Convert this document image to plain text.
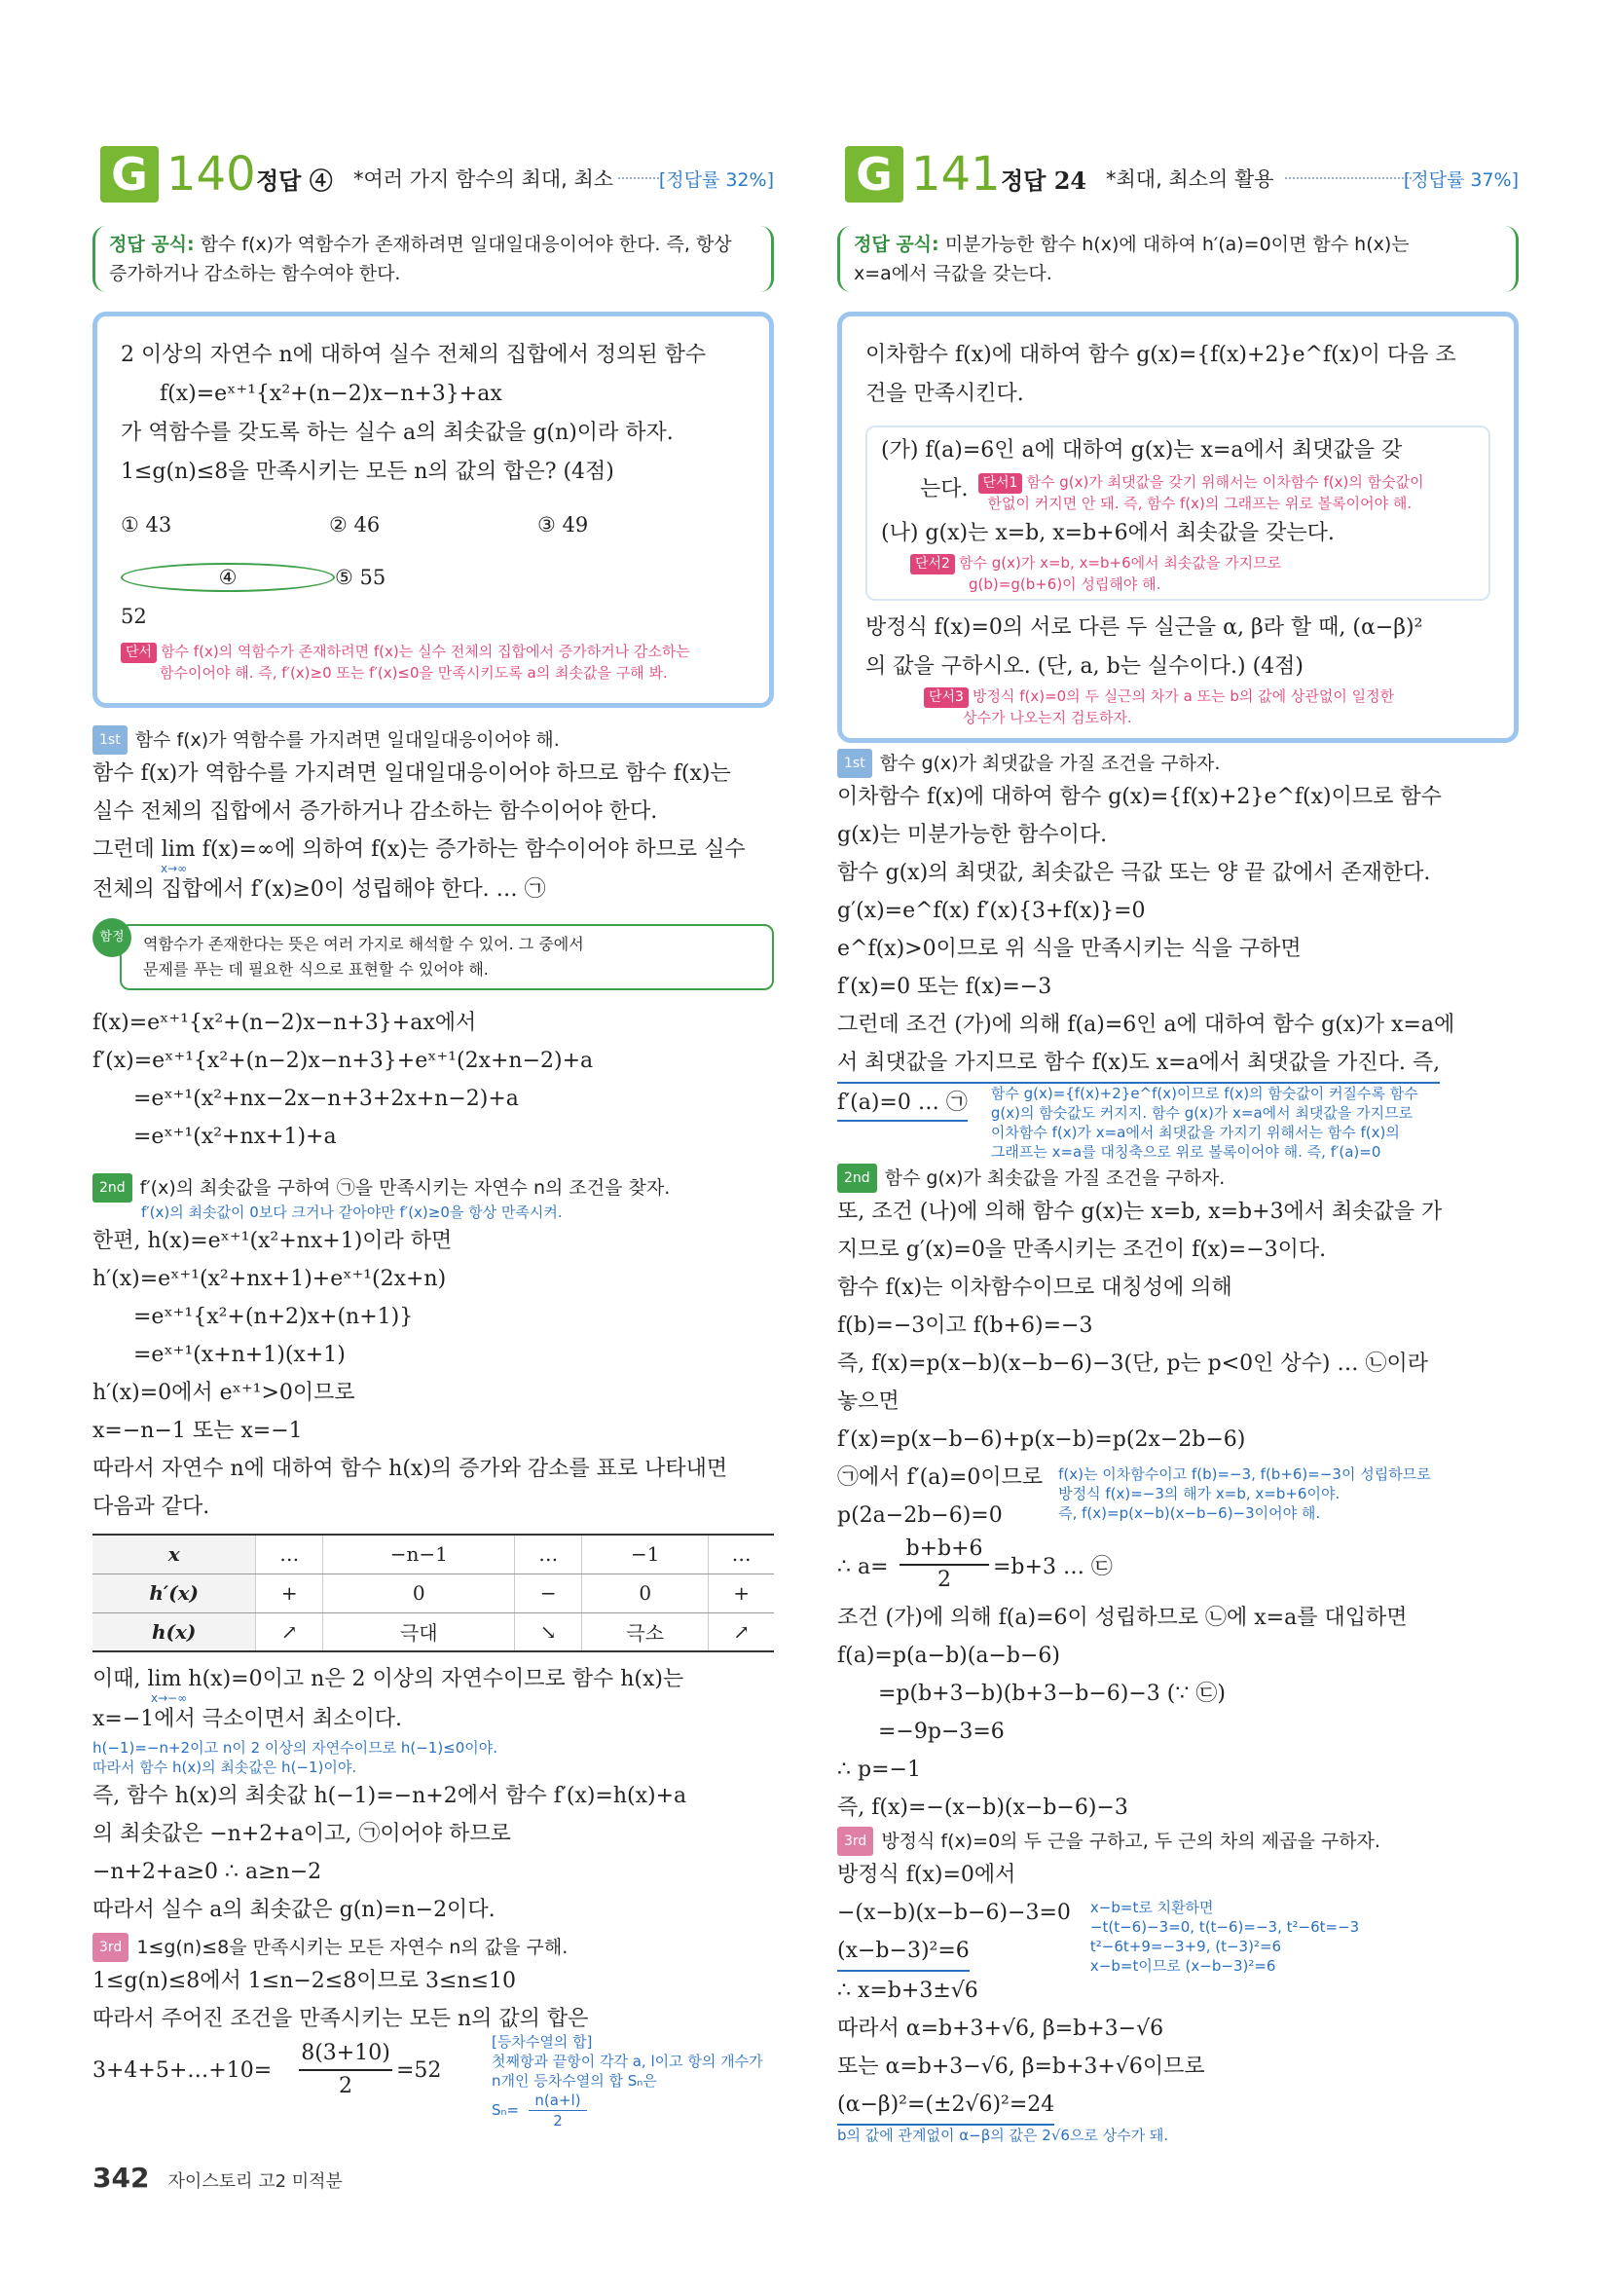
G 140 정답 ④ *여러 가지 함수의 최대, 최소 [정답률 32%]
정답 공식: 함수 f(x)가 역함수가 존재하려면 일대일대응이어야 한다. 즉, 항상
증가하거나 감소하는 함수여야 한다.
2 이상의 자연수 n에 대하여 실수 전체의 집합에서 정의된 함수
f(x)=eˣ⁺¹{x²+(n−2)x−n+3}+ax
가 역함수를 갖도록 하는 실수 a의 최솟값을 g(n)이라 하자.
1≤g(n)≤8을 만족시키는 모든 n의 값의 합은? (4점)
① 43	② 46	③ 49
④52
⑤ 55
단서 함수 f(x)의 역함수가 존재하려면 f(x)는 실수 전체의 집합에서 증가하거나 감소하는
함수이어야 해. 즉, f′(x)≥0 또는 f′(x)≤0을 만족시키도록 a의 최솟값을 구해 봐.
1st 함수 f(x)가 역함수를 가지려면 일대일대응이어야 해.
함수 f(x)가 역함수를 가지려면 일대일대응이어야 하므로 함수 f(x)는
실수 전체의 집합에서 증가하거나 감소하는 함수이어야 한다.
그런데 lim f(x)=∞에 의하여 f(x)는 증가하는 함수이어야 하므로 실수
x→∞
전체의 집합에서 f′(x)≥0이 성립해야 한다. … ㉠
함정	역함수가 존재한다는 뜻은 여러 가지로 해석할 수 있어. 그 중에서
문제를 푸는 데 필요한 식으로 표현할 수 있어야 해.
f(x)=eˣ⁺¹{x²+(n−2)x−n+3}+ax에서
f′(x)=eˣ⁺¹{x²+(n−2)x−n+3}+eˣ⁺¹(2x+n−2)+a
=eˣ⁺¹(x²+nx−2x−n+3+2x+n−2)+a
=eˣ⁺¹(x²+nx+1)+a
2nd f′(x)의 최솟값을 구하여 ㉠을 만족시키는 자연수 n의 조건을 찾자.
f′(x)의 최솟값이 0보다 크거나 같아야만 f′(x)≥0을 항상 만족시켜.
한편, h(x)=eˣ⁺¹(x²+nx+1)이라 하면
h′(x)=eˣ⁺¹(x²+nx+1)+eˣ⁺¹(2x+n)
=eˣ⁺¹{x²+(n+2)x+(n+1)}
=eˣ⁺¹(x+n+1)(x+1)
h′(x)=0에서 eˣ⁺¹>0이므로
x=−n−1 또는 x=−1
따라서 자연수 n에 대하여 함수 h(x)의 증가와 감소를 표로 나타내면
다음과 같다.
x	…	−n−1	…	−1	…
h′(x)	+	0	−	0	+
h(x)	↗	극대	↘	극소	↗
이때, lim h(x)=0이고 n은 2 이상의 자연수이므로 함수 h(x)는
x→−∞
x=−1에서 극소이면서 최소이다.
h(−1)=−n+2이고 n이 2 이상의 자연수이므로 h(−1)≤0이야.
따라서 함수 h(x)의 최솟값은 h(−1)이야.
즉, 함수 h(x)의 최솟값 h(−1)=−n+2에서 함수 f′(x)=h(x)+a
의 최솟값은 −n+2+a이고, ㉠이어야 하므로
−n+2+a≥0 ∴ a≥n−2
따라서 실수 a의 최솟값은 g(n)=n−2이다.
3rd 1≤g(n)≤8을 만족시키는 모든 자연수 n의 값을 구해.
1≤g(n)≤8에서 1≤n−2≤8이므로 3≤n≤10
따라서 주어진 조건을 만족시키는 모든 n의 값의 합은
3+4+5+…+10=
8(3+10)
2
=52
[등차수열의 합]
첫째항과 끝항이 각각 a, l이고 항의 개수가
n개인 등차수열의 합 Sₙ은
Sₙ=
n(a+l)
2
G 141 정답 24 *최대, 최소의 활용	[정답률 37%]
정답 공식: 미분가능한 함수 h(x)에 대하여 h′(a)=0이면 함수 h(x)는
x=a에서 극값을 갖는다.
이차함수 f(x)에 대하여 함수 g(x)={f(x)+2}e^f(x)이 다음 조
건을 만족시킨다.
(가) f(a)=6인 a에 대하여 g(x)는 x=a에서 최댓값을 갖
는다.	단서1 함수 g(x)가 최댓값을 갖기 위해서는 이차함수 f(x)의 함숫값이
한없이 커지면 안 돼. 즉, 함수 f(x)의 그래프는 위로 볼록이어야 해.
(나) g(x)는 x=b, x=b+6에서 최솟값을 갖는다.
단서2 함수 g(x)가 x=b, x=b+6에서 최솟값을 가지므로
g(b)=g(b+6)이 성립해야 해.
방정식 f(x)=0의 서로 다른 두 실근을 α, β라 할 때, (α−β)²
의 값을 구하시오. (단, a, b는 실수이다.) (4점)
단서3 방정식 f(x)=0의 두 실근의 차가 a 또는 b의 값에 상관없이 일정한
상수가 나오는지 검토하자.
1st 함수 g(x)가 최댓값을 가질 조건을 구하자.
이차함수 f(x)에 대하여 함수 g(x)={f(x)+2}e^f(x)이므로 함수
g(x)는 미분가능한 함수이다.
함수 g(x)의 최댓값, 최솟값은 극값 또는 양 끝 값에서 존재한다.
g′(x)=e^f(x) f′(x){3+f(x)}=0
e^f(x)>0이므로 위 식을 만족시키는 식을 구하면
f′(x)=0 또는 f(x)=−3
그런데 조건 (가)에 의해 f(a)=6인 a에 대하여 함수 g(x)가 x=a에
서 최댓값을 가지므로 함수 f(x)도 x=a에서 최댓값을 가진다. 즉,
f′(a)=0 … ㉠ 함수 g(x)={f(x)+2}e^f(x)이므로 f(x)의 함숫값이 커질수록 함수
g(x)의 함숫값도 커지지. 함수 g(x)가 x=a에서 최댓값을 가지므로
이차함수 f(x)가 x=a에서 최댓값을 가지기 위해서는 함수 f(x)의
그래프는 x=a를 대칭축으로 위로 볼록이어야 해. 즉, f′(a)=0
2nd 함수 g(x)가 최솟값을 가질 조건을 구하자.
또, 조건 (나)에 의해 함수 g(x)는 x=b, x=b+3에서 최솟값을 가
지므로 g′(x)=0을 만족시키는 조건이 f(x)=−3이다.
함수 f(x)는 이차함수이므로 대칭성에 의해
f(b)=−3이고 f(b+6)=−3
즉, f(x)=p(x−b)(x−b−6)−3(단, p는 p<0인 상수) … ㉡이라
놓으면
f′(x)=p(x−b−6)+p(x−b)=p(2x−2b−6)
㉠에서 f′(a)=0이므로
p(2a−2b−6)=0
f(x)는 이차함수이고 f(b)=−3, f(b+6)=−3이 성립하므로
방정식 f(x)=−3의 해가 x=b, x=b+6이야.
즉, f(x)=p(x−b)(x−b−6)−3이어야 해.
∴ a=
b+b+6
2
=b+3 … ㉢
조건 (가)에 의해 f(a)=6이 성립하므로 ㉡에 x=a를 대입하면
f(a)=p(a−b)(a−b−6)
=p(b+3−b)(b+3−b−6)−3 (∵ ㉢)
=−9p−3=6
∴ p=−1
즉, f(x)=−(x−b)(x−b−6)−3
3rd 방정식 f(x)=0의 두 근을 구하고, 두 근의 차의 제곱을 구하자.
방정식 f(x)=0에서
−(x−b)(x−b−6)−3=0
(x−b−3)²=6
∴ x=b+3±√6
x−b=t로 치환하면
−t(t−6)−3=0, t(t−6)=−3, t²−6t=−3
t²−6t+9=−3+9, (t−3)²=6
x−b=t이므로 (x−b−3)²=6
따라서 α=b+3+√6, β=b+3−√6
또는 α=b+3−√6, β=b+3+√6이므로
(α−β)²=(±2√6)²=24
b의 값에 관계없이 α−β의 값은 2√6으로 상수가 돼.
342 자이스토리 고2 미적분
